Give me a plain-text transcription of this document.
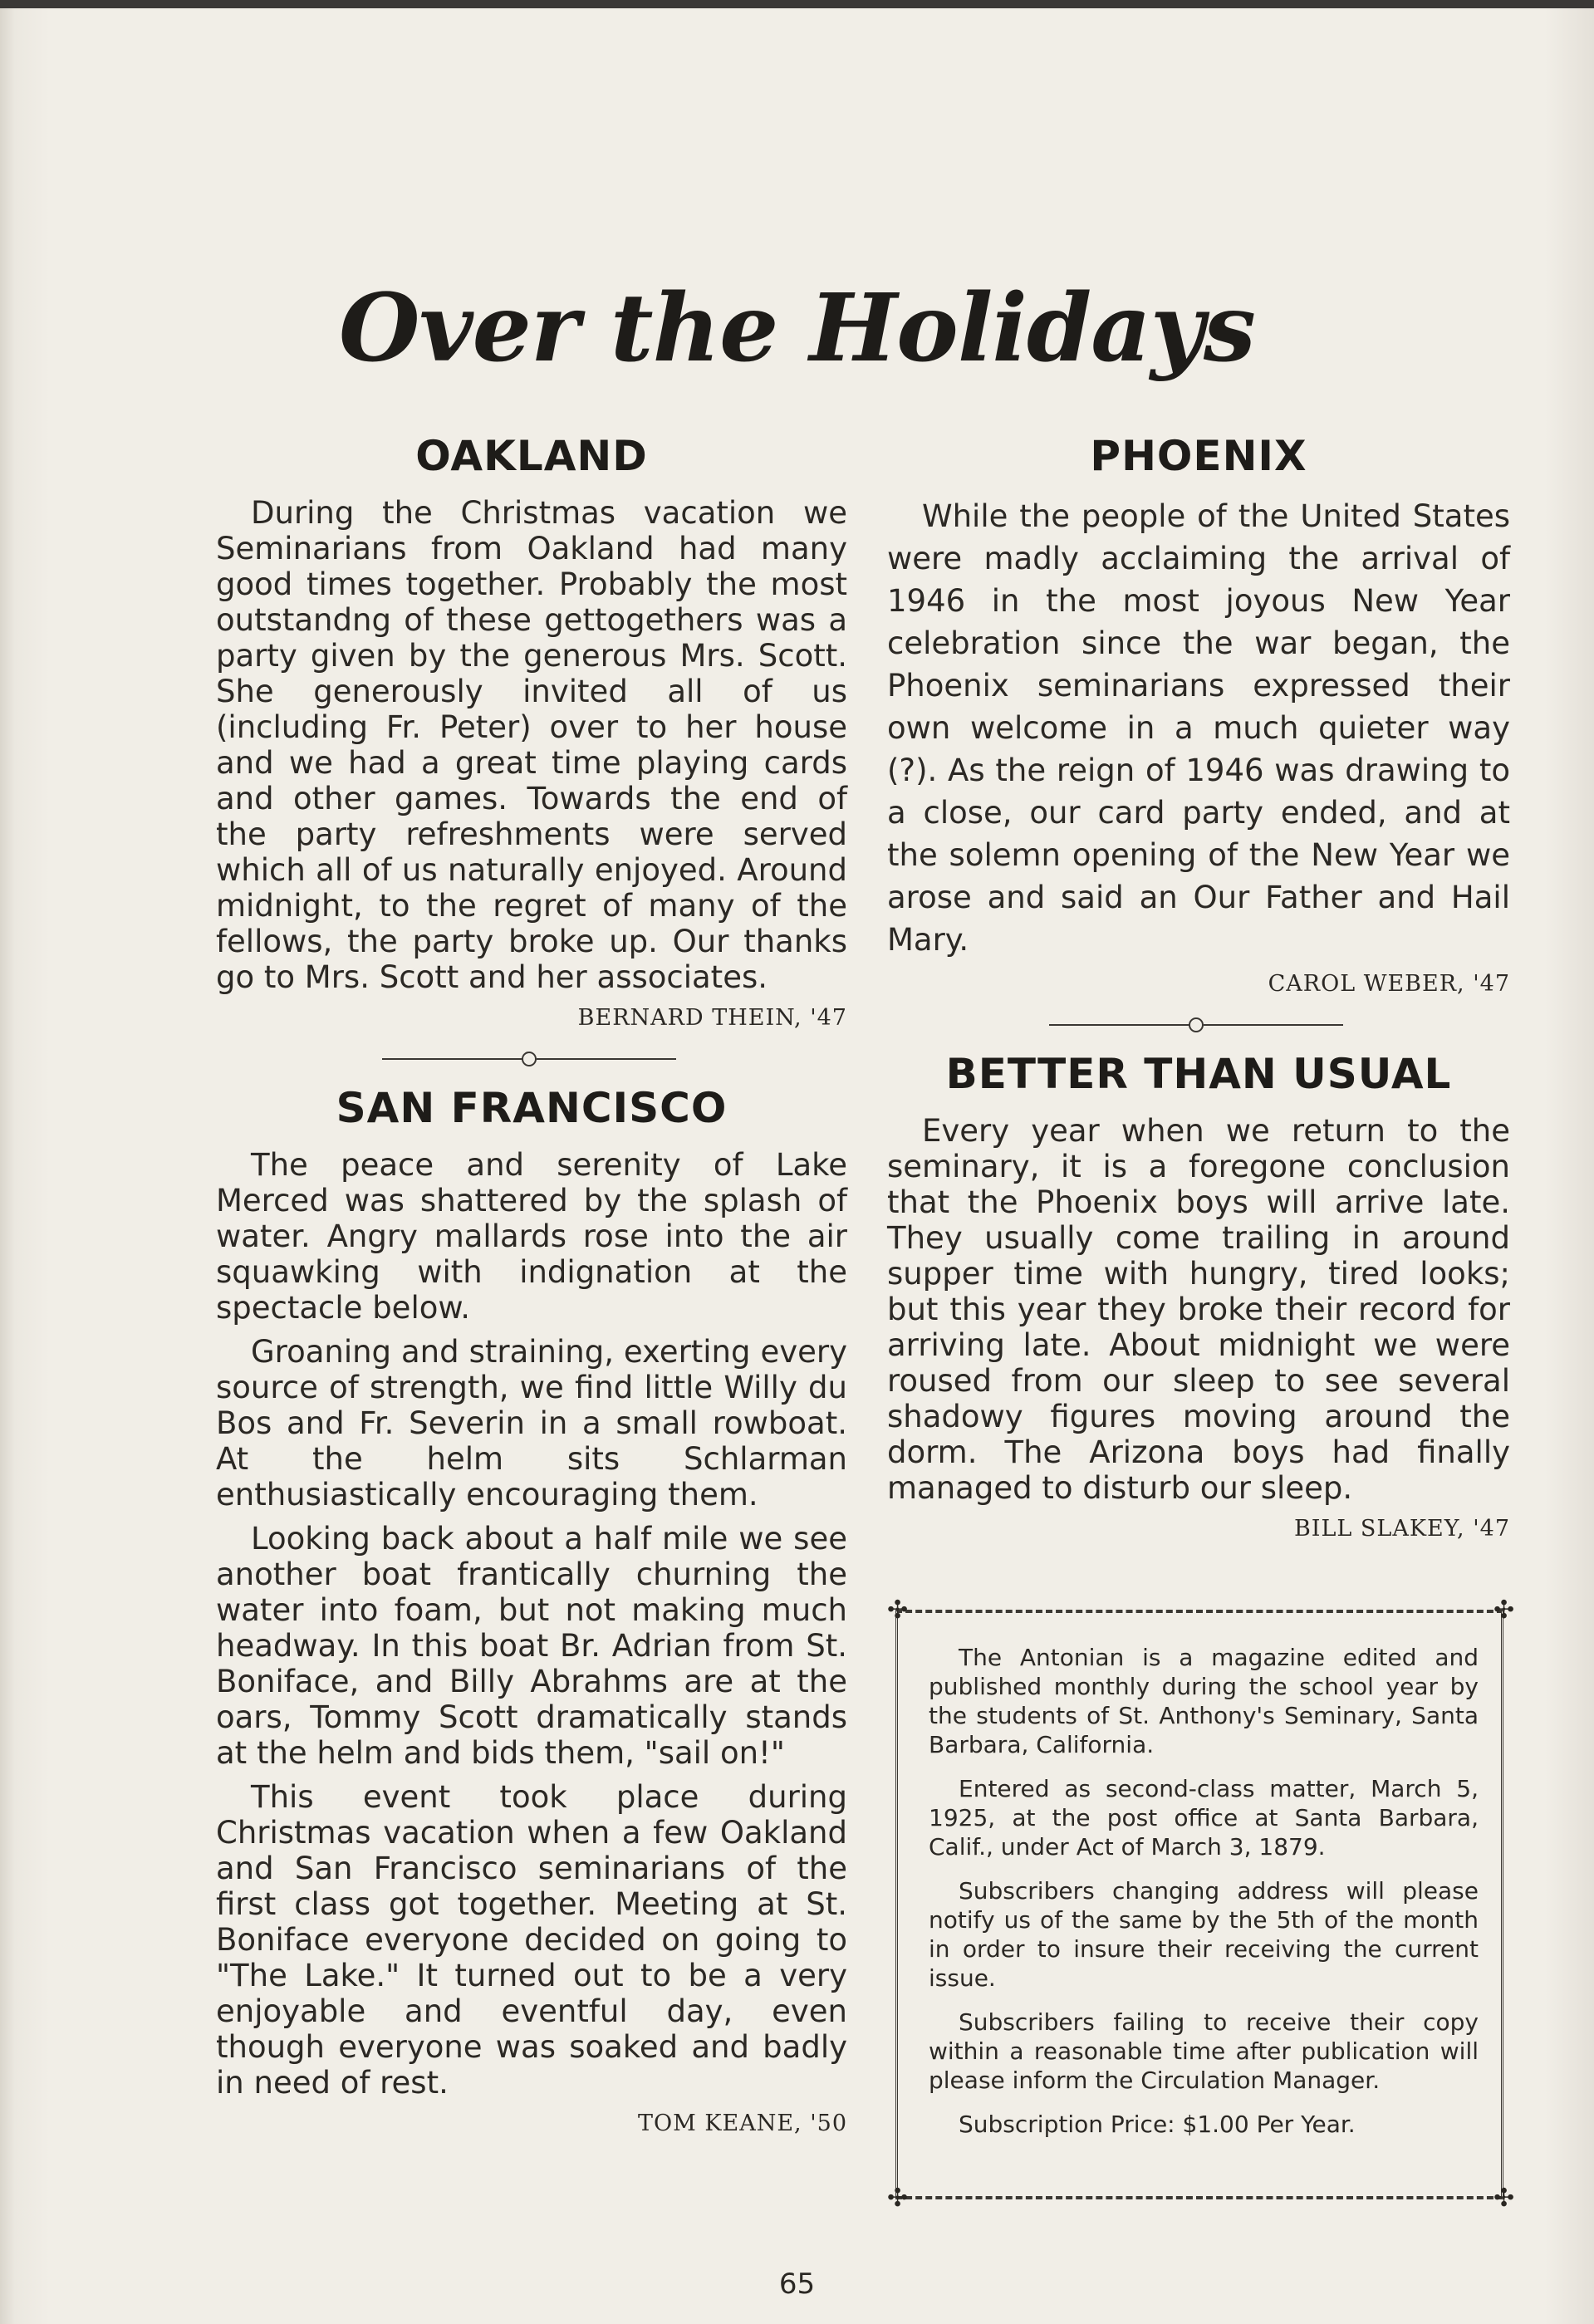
Over the Holidays
OAKLAND

During the Christmas vacation we Seminarians from Oakland had many good times together. Probably the most outstandng of these gettogethers was a party given by the generous Mrs. Scott. She generously invited all of us (including Fr. Peter) over to her house and we had a great time playing cards and other games. Towards the end of the party refreshments were served which all of us naturally enjoyed. Around midnight, to the regret of many of the fellows, the party broke up. Our thanks go to Mrs. Scott and her associates.

BERNARD THEIN, '47
SAN FRANCISCO

The peace and serenity of Lake Merced was shattered by the splash of water. Angry mallards rose into the air squawking with indignation at the spectacle below.

Groaning and straining, exerting every source of strength, we find little Willy du Bos and Fr. Severin in a small rowboat. At the helm sits Schlarman enthusiastically encouraging them.

Looking back about a half mile we see another boat frantically churning the water into foam, but not making much headway. In this boat Br. Adrian from St. Boniface, and Billy Abrahms are at the oars, Tommy Scott dramatically stands at the helm and bids them, "sail on!"

This event took place during Christmas vacation when a few Oakland and San Francisco seminarians of the first class got together. Meeting at St. Boniface everyone decided on going to "The Lake." It turned out to be a very enjoyable and eventful day, even though everyone was soaked and badly in need of rest.

TOM KEANE, '50
PHOENIX

While the people of the United States were madly acclaiming the arrival of 1946 in the most joyous New Year celebration since the war began, the Phoenix seminarians expressed their own welcome in a much quieter way (?). As the reign of 1946 was drawing to a close, our card party ended, and at the solemn opening of the New Year we arose and said an Our Father and Hail Mary.

CAROL WEBER, '47
BETTER THAN USUAL

Every year when we return to the seminary, it is a foregone conclusion that the Phoenix boys will arrive late. They usually come trailing in around supper time with hungry, tired looks; but this year they broke their record for arriving late. About midnight we were roused from our sleep to see several shadowy figures moving around the dorm. The Arizona boys had finally managed to disturb our sleep.

BILL SLAKEY, '47
✣	✣
✣	✣

The Antonian is a magazine edited and published monthly during the school year by the students of St. Anthony's Seminary, Santa Barbara, California.

Entered as second-class matter, March 5, 1925, at the post office at Santa Barbara, Calif., under Act of March 3, 1879.

Subscribers changing address will please notify us of the same by the 5th of the month in order to insure their receiving the current issue.

Subscribers failing to receive their copy within a reasonable time after publication will please inform the Circulation Manager.

Subscription Price: $1.00 Per Year.

65
